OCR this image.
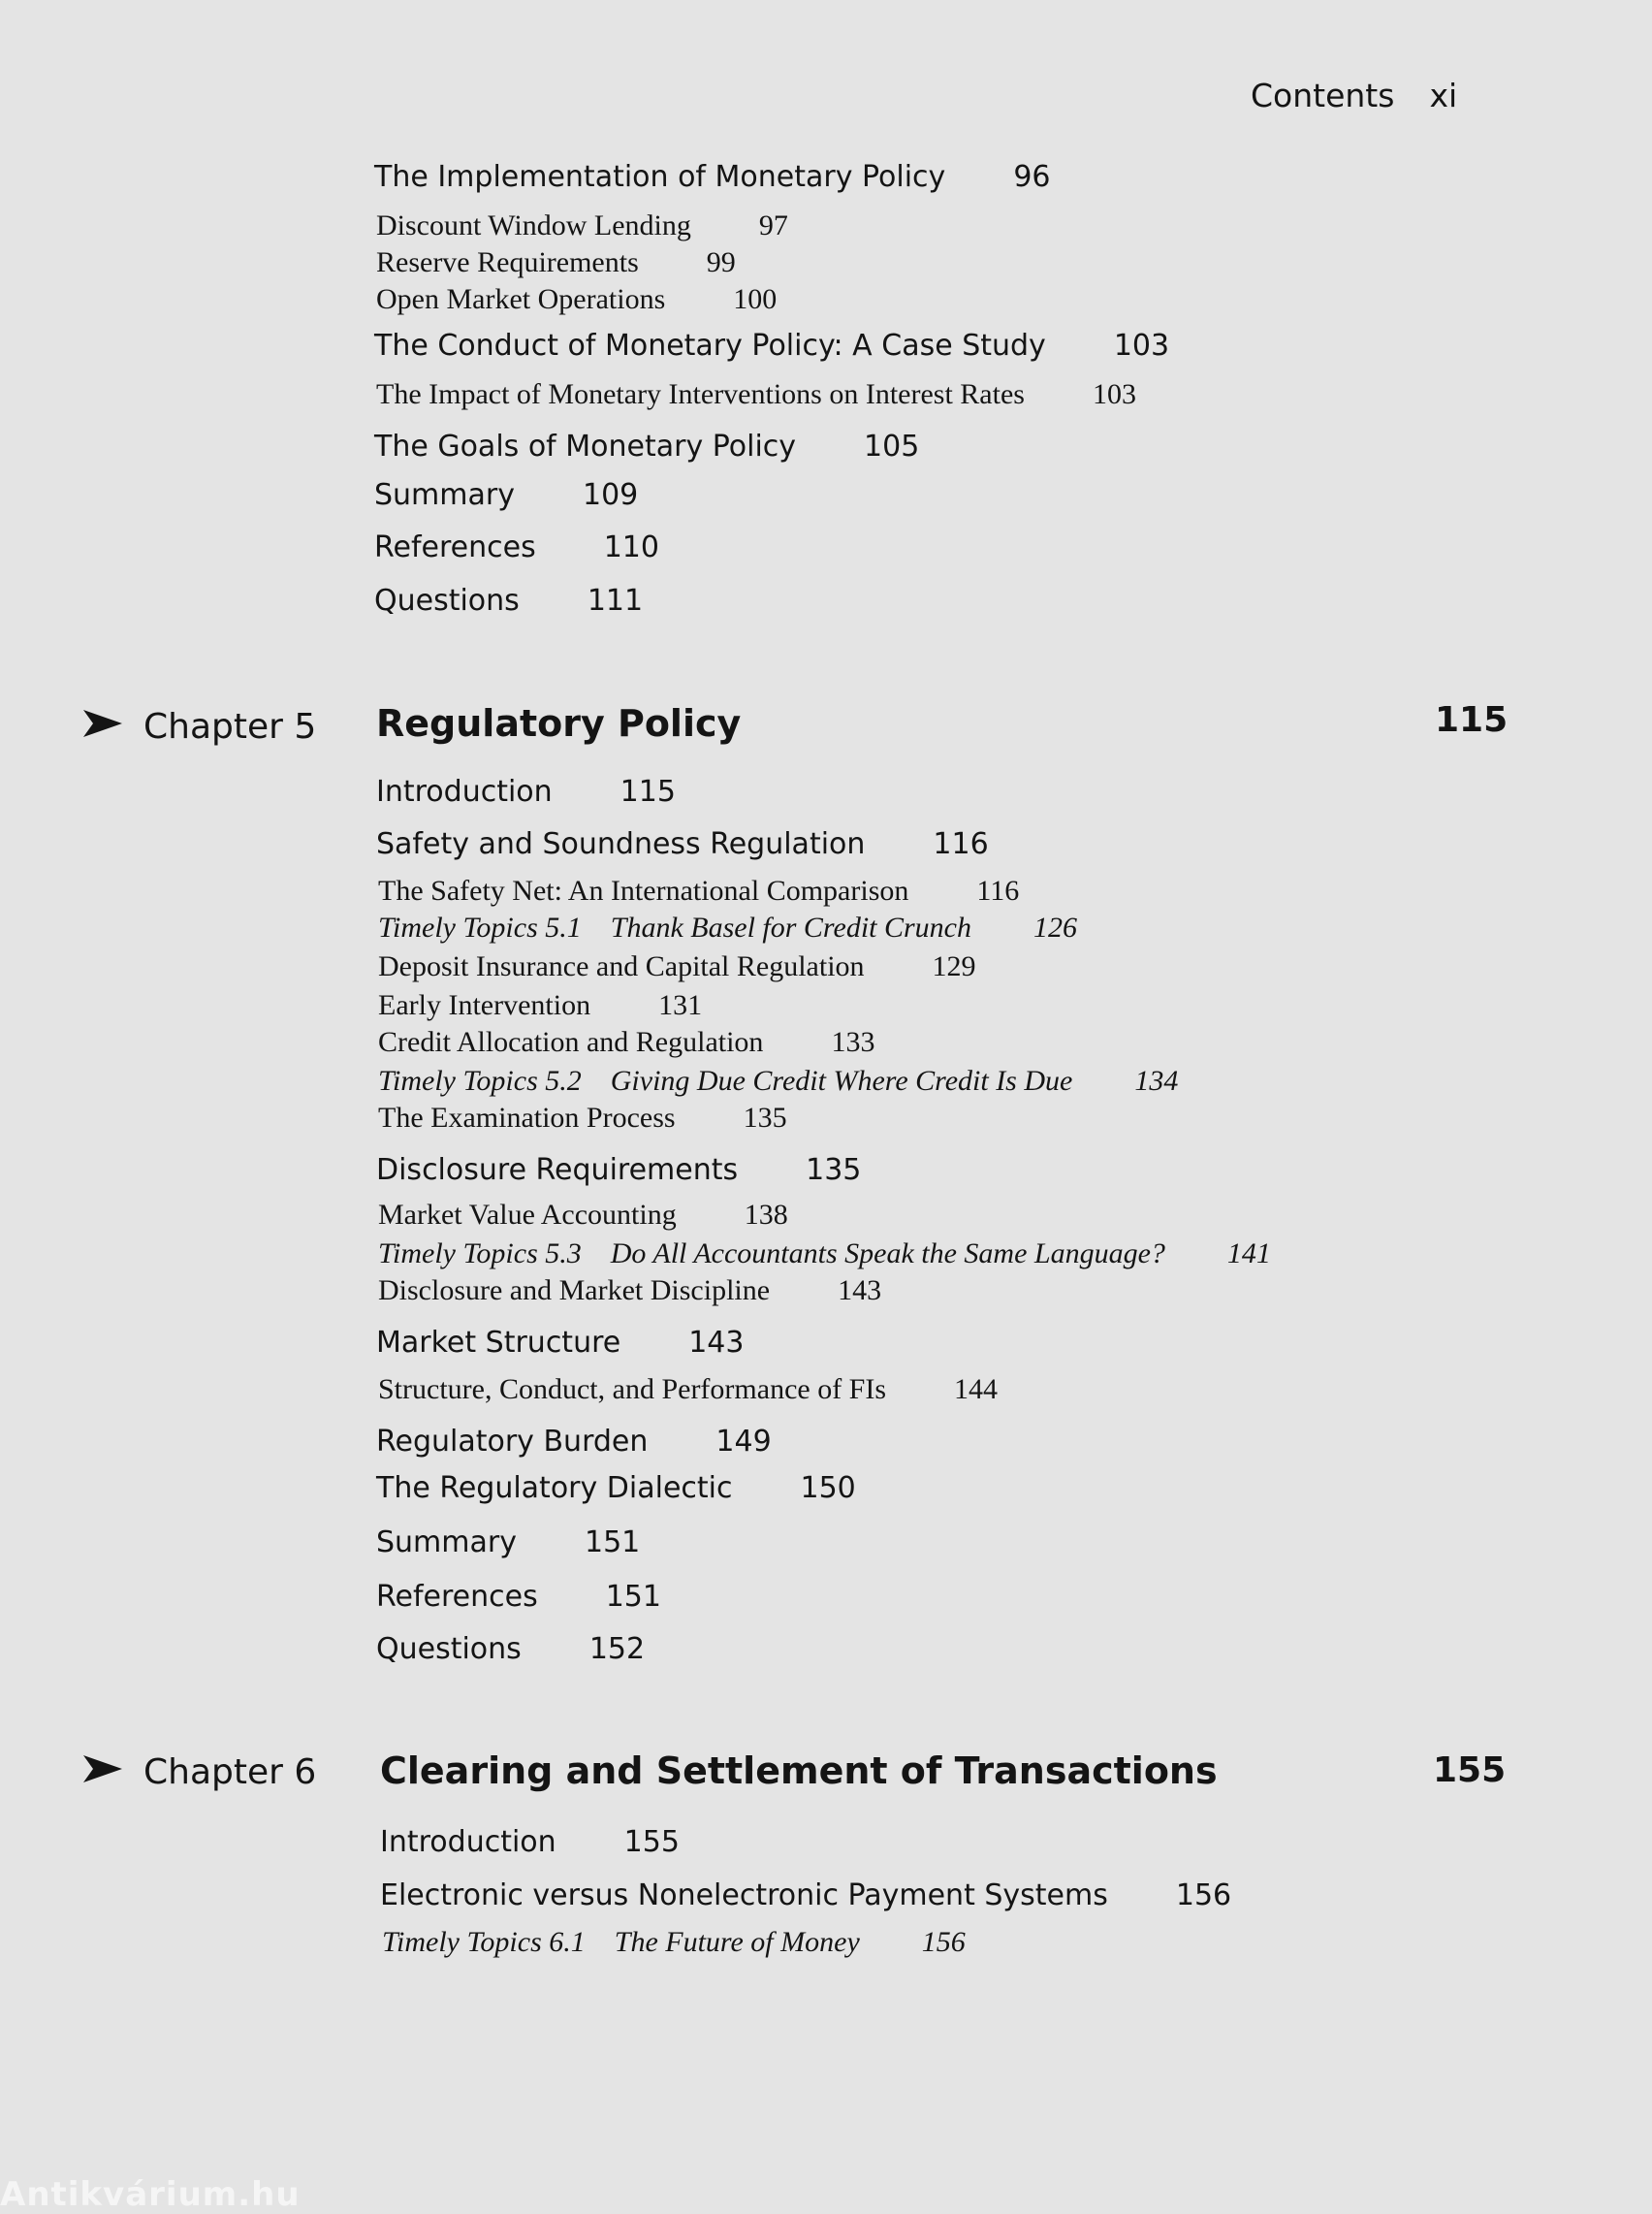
Contents xi
The Implementation of Monetary Policy 96
Discount Window Lending 97
Reserve Requirements 99
Open Market Operations 100
The Conduct of Monetary Policy: A Case Study 103
The Impact of Monetary Interventions on Interest Rates 103
The Goals of Monetary Policy 105
Summary 109
References 110
Questions 111
Chapter 5 Regulatory Policy	115
Introduction 115
Safety and Soundness Regulation 116
The Safety Net: An International Comparison 116
Timely Topics 5.1 Thank Basel for Credit Crunch 126
Deposit Insurance and Capital Regulation 129
Early Intervention 131
Credit Allocation and Regulation 133
Timely Topics 5.2 Giving Due Credit Where Credit Is Due 134
The Examination Process 135
Disclosure Requirements 135
Market Value Accounting 138
Timely Topics 5.3 Do All Accountants Speak the Same Language? 141
Disclosure and Market Discipline 143
Market Structure 143
Structure, Conduct, and Performance of FIs 144
Regulatory Burden 149
The Regulatory Dialectic 150
Summary 151
References 151
Questions 152
Chapter 6 Clearing and Settlement of Transactions	155
Introduction 155
Electronic versus Nonelectronic Payment Systems 156
Timely Topics 6.1 The Future of Money 156
Antikvárium.hu
